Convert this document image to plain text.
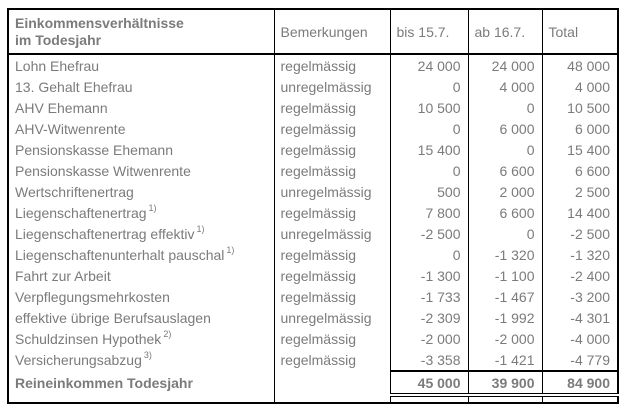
Einkommensverhältnisse
im Todesjahr	Bemerkungen	bis 15.7.	ab 16.7.	Total
Lohn Ehefrau	regelmässig	24 000	24 000	48 000
13. Gehalt Ehefrau	unregelmässig	0	4 000	4 000
AHV Ehemann	regelmässig	10 500	0	10 500
AHV-Witwenrente	regelmässig	0	6 000	6 000
Pensionskasse Ehemann	regelmässig	15 400	0	15 400
Pensionskasse Witwenrente	regelmässig	0	6 600	6 600
Wertschriftenertrag	unregelmässig	500	2 000	2 500
Liegenschaftenertrag $^{1)}$	regelmässig	7 800	6 600	14 400
Liegenschaftenertrag effektiv $^{1)}$	unregelmässig	-2 500	0	-2 500
Liegenschaftenunterhalt pauschal $^{1)}$	regelmässig	0	-1 320	-1 320
Fahrt zur Arbeit	regelmässig	-1 300	-1 100	-2 400
Verpflegungsmehrkosten	regelmässig	-1 733	-1 467	-3 200
effektive übrige Berufsauslagen	unregelmässig	-2 309	-1 992	-4 301
Schuldzinsen Hypothek $^{2)}$	regelmässig	-2 000	-2 000	-4 000
Versicherungsabzug $^{3)}$	regelmässig	-3 358	-1 421	-4 779
Reineinkommen Todesjahr		45 000	39 900	84 900
